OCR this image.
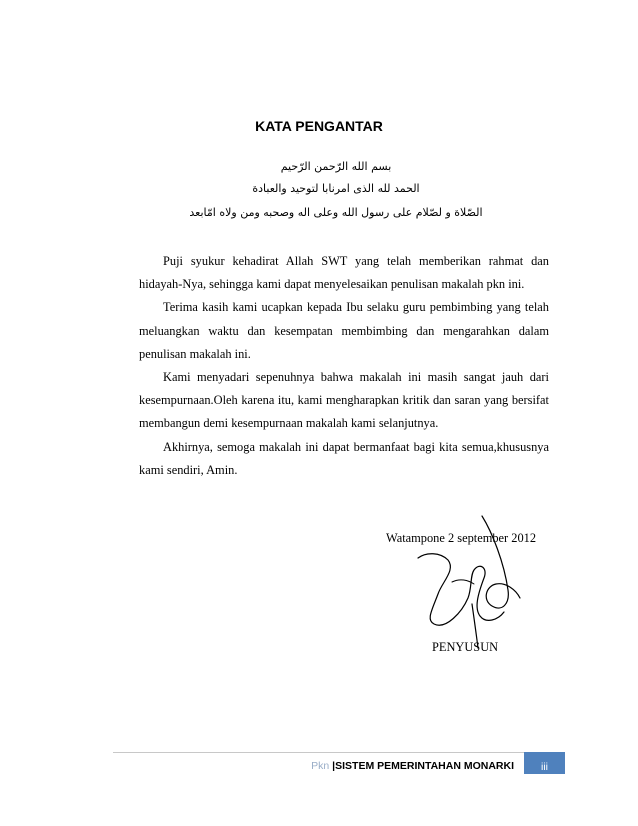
KATA PENGANTAR
بسم الله الرّحمن الرّحيم
الحمد لله الذى امرنابا لتوحيد والعبادة
الصّلاة و لصّلام على رسول الله وعلى اله وصحبه ومن ولاه امّابعد

Puji syukur kehadirat Allah SWT yang telah memberikan rahmat dan hidayah-Nya, sehingga kami dapat menyelesaikan penulisan makalah pkn ini.

Terima kasih kami ucapkan kepada Ibu selaku guru pembimbing yang telah meluangkan waktu dan kesempatan membimbing dan mengarahkan dalam penulisan makalah ini.

Kami menyadari sepenuhnya bahwa makalah ini masih sangat jauh dari kesempurnaan.Oleh karena itu, kami mengharapkan kritik dan saran yang bersifat membangun demi kesempurnaan makalah kami selanjutnya.

Akhirnya, semoga makalah ini dapat bermanfaat bagi kita semua,khususnya kami sendiri, Amin.

Watampone 2 september 2012
PENYUSUN
Pkn |SISTEM PEMERINTAHAN MONARKI	iii
